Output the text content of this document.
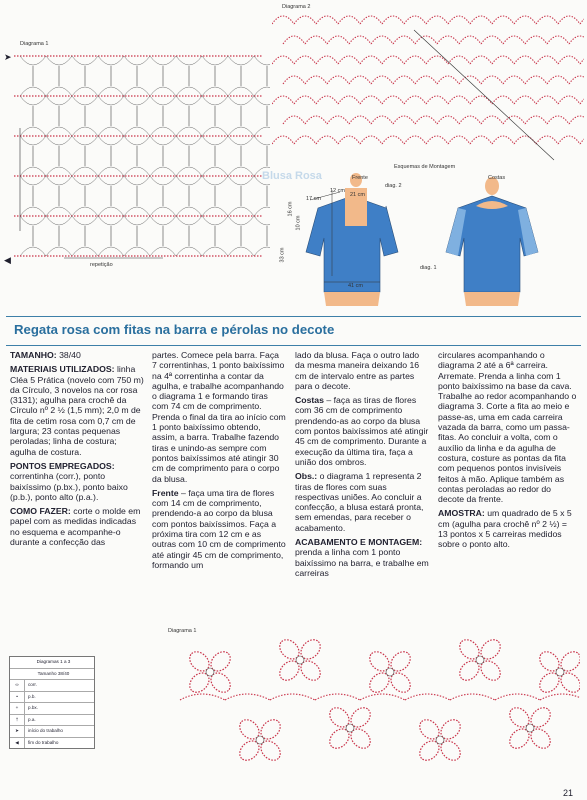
Diagrama 1
repetição
➤
◀
Diagrama 2
Esquemas de Montagem
Blusa Rosa	Frente	Costas
diag. 2
diag. 1
21 cm
17 cm
12 cm
16 cm
10 cm
33 cm
41 cm
Regata rosa com fitas na barra e pérolas no decote

TAMANHO: 38/40

MATERIAIS UTILIZADOS: linha Cléa 5 Prática (novelo com 750 m) da Círculo, 3 novelos na cor rosa (3131); agulha para crochê da Círculo nº 2 ½ (1,5 mm); 2,0 m de fita de cetim rosa com 0,7 cm de largura; 23 contas pequenas peroladas; linha de costura; agulha de costura.

PONTOS EMPREGADOS: correntinha (corr.), ponto baixíssimo (p.bx.), ponto baixo (p.b.), ponto alto (p.a.).

COMO FAZER: corte o molde em papel com as medidas indicadas no esquema e acompanhe-o durante a confecção das

partes. Comece pela barra. Faça 7 correntinhas, 1 ponto baixíssimo na 4ª correntinha a contar da agulha, e trabalhe acompanhando o diagrama 1 e formando tiras com 74 cm de comprimento. Prenda o final da tira ao início com 1 ponto baixíssimo obtendo, assim, a barra. Trabalhe fazendo tiras e unindo-as sempre com pontos baixíssimos até atingir 30 cm de comprimento para o corpo da blusa.

Frente – faça uma tira de flores com 14 cm de comprimento, prendendo-a ao corpo da blusa com pontos baixíssimos. Faça a próxima tira com 12 cm e as outras com 10 cm de comprimento até atingir 45 cm de comprimento, formando um

lado da blusa. Faça o outro lado da mesma maneira deixando 16 cm de intervalo entre as partes para o decote.

Costas – faça as tiras de flores com 36 cm de comprimento prendendo-as ao corpo da blusa com pontos baixíssimos até atingir 45 cm de comprimento. Durante a execução da última tira, faça a união dos ombros.

Obs.: o diagrama 1 representa 2 tiras de flores com suas respectivas uniões. Ao concluir a confecção, a blusa estará pronta, sem emendas, para receber o acabamento.

ACABAMENTO E MONTAGEM: prenda a linha com 1 ponto baixíssimo na barra, e trabalhe em carreiras

circulares acompanhando o diagrama 2 até a 6ª carreira. Arremate. Prenda a linha com 1 ponto baixíssimo na base da cava. Trabalhe ao redor acompanhando o diagrama 3. Corte a fita ao meio e passe-as, uma em cada carreira vazada da barra, como um passa-fitas. Ao concluir a volta, com o auxílio da linha e da agulha de costura, costure as pontas da fita com pequenos pontos invisíveis feitos à mão. Aplique também as contas peroladas ao redor do decote da frente.

AMOSTRA: um quadrado de 5 x 5 cm (agulha para crochê nº 2 ½) = 13 pontos x 5 carreiras medidos sobre o ponto alto.

Diagrama 1
Diagramas 1 a 3
Tamanho 38/40
∞	corr.
•	p.b.
+	p.bx.
†	p.a.
➤	início do trabalho
◀	fim do trabalho
21
